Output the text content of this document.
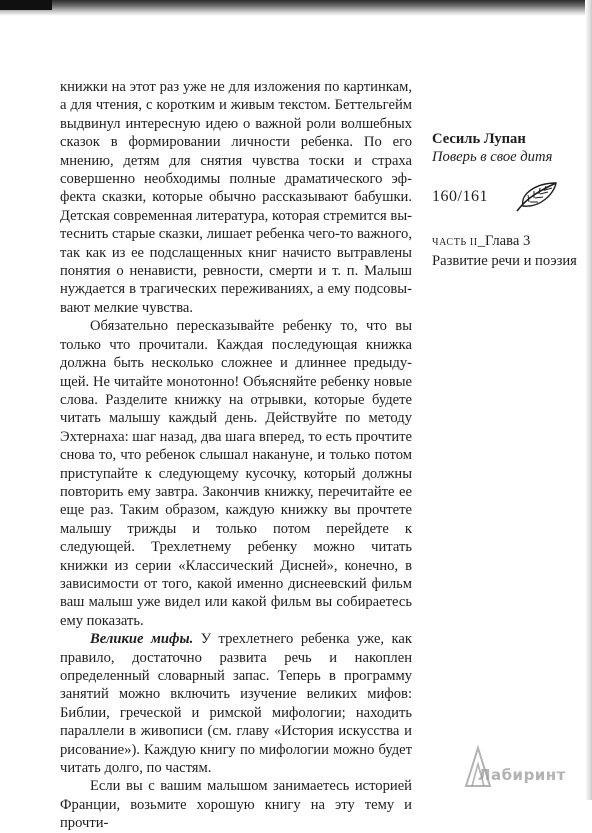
книжки на этот раз уже не для изложения по картинкам, а для чтения, с коротким и живым текстом. Беттельгейм выдвинул интересную идею о важной роли волшебных сказок в формировании личности ребенка. По его мнению, детям для снятия чувства тоски и страха совершенно необходимы полные драматического эффекта сказки, которые обычно рассказывают бабушки. Детская современная литература, которая стремится вытеснить старые сказки, лишает ребенка чего-то важного, так как из ее подслащенных книг начисто вытравлены понятия о ненависти, ревности, смерти и т. п. Малыш нуждается в трагических переживаниях, а ему подсовывают мелкие чувства.

Обязательно пересказывайте ребенку то, что вы только что прочитали. Каждая последующая книжка должна быть несколько сложнее и длиннее предыдущей. Не читайте монотонно! Объясняйте ребенку новые слова. Разделите книжку на отрывки, которые будете читать малышу каждый день. Действуйте по методу Эхтернаха: шаг назад, два шага вперед, то есть прочтите снова то, что ребенок слышал накануне, и только потом приступайте к следующему кусочку, который должны повторить ему завтра. Закончив книжку, перечитайте ее еще раз. Таким образом, каждую книжку вы прочтете малышу трижды и только потом перейдете к следующей. Трехлетнему ребенку можно читать книжки из серии «Классический Дисней», конечно, в зависимости от того, какой именно диснеевский фильм ваш малыш уже видел или какой фильм вы собираетесь ему показать.

Великие мифы. У трехлетнего ребенка уже, как правило, достаточно развита речь и накоплен определенный словарный запас. Теперь в программу занятий можно включить изучение великих мифов: Библии, греческой и римской мифологии; находить параллели в живописи (см. главу «История искусства и рисование»). Каждую книгу по мифологии можно будет читать долго, по частям.

Если вы с вашим малышом занимаетесь историей Франции, возьмите хорошую книгу на эту тему и прочти-

Сесиль Лупан
Поверь в свое дитя
160/161
ЧАСТЬ II_Глава 3
Развитие речи и поэзия
Лабиринт
